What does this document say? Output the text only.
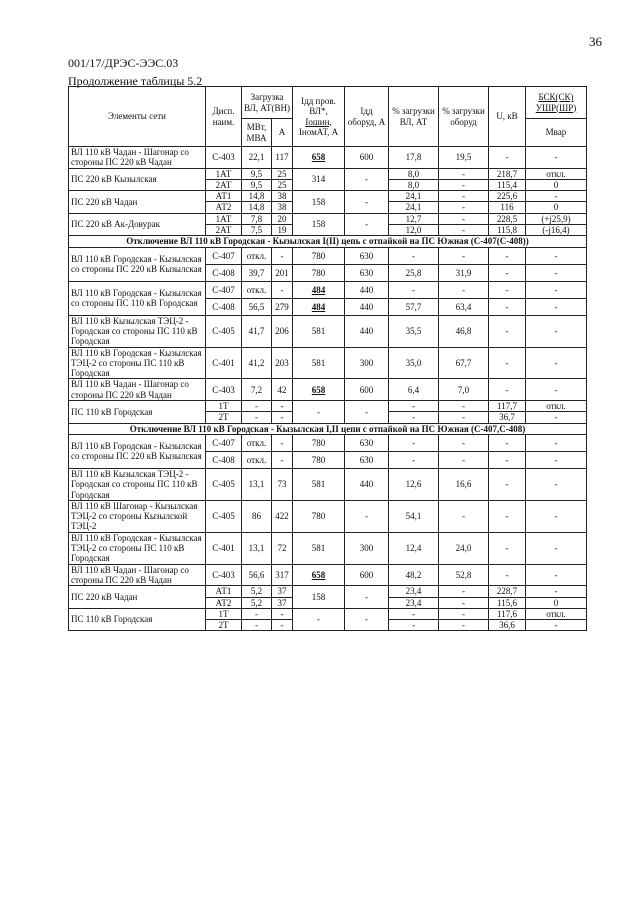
36
001/17/ДРЭС-ЭЭС.03
Продолжение таблицы 5.2
Элементы сети	Дисп. наим.	Загрузка ВЛ, АТ(ВН)		Iдд пров. ВЛ*,
Iошин,
IномАТ, А	Iдд оборуд, А	% загрузки ВЛ, АТ	% загрузки оборуд	U, кВ	БСК(СК) УШР(ШР)
		МВт, МВА	А						Мвар
ВЛ 110 кВ Чадан - Шагонар со стороны ПС 220 кВ Чадан	С-403	22,1	117	658	600	17,8	19,5	-	-
ПС 220 кВ Кызылская	1АТ	9,5	25	314	-	8,0	-	218,7	откл.
	2АТ	9,5	25			8,0	-	115,4	0
ПС 220 кВ Чадан	АТ1	14,8	38	158	-	24,1	-	225,6	-
	АТ2	14,8	38			24,1	-	116	0
ПС 220 кВ Ак-Довурак	1АТ	7,8	20	158	-	12,7	-	228,5	(+j25,9)
	2АТ	7,5	19			12,0	-	115,8	(-j16,4)
Отключение ВЛ 110 кВ Городская - Кызылская I(II) цепь с отпайкой на ПС Южная (С-407(С-408))									
ВЛ 110 кВ Городская - Кызылская со стороны ПС 220 кВ Кызылская	С-407	откл.	-	780	630	-	-	-	-
	С-408	39,7	201	780	630	25,8	31,9	-	-
ВЛ 110 кВ Городская - Кызылская со стороны ПС 110 кВ Городская	С-407	откл.	-	484	440	-	-	-	-
	С-408	56,5	279	484	440	57,7	63,4	-	-
ВЛ 110 кВ Кызылская ТЭЦ-2 - Городская со стороны ПС 110 кВ Городская	С-405	41,7	206	581	440	35,5	46,8	-	-
ВЛ 110 кВ Городская - Кызылская ТЭЦ-2 со стороны ПС 110 кВ Городская	С-401	41,2	203	581	300	35,0	67,7	-	-
ВЛ 110 кВ Чадан - Шагонар со стороны ПС 220 кВ Чадан	С-403	7,2	42	658	600	6,4	7,0	-	-
ПС 110 кВ Городская	1Т	-	-	-	-	-	-	117,7	откл.
	2Т	-	-			-	-	36,7	-
Отключение ВЛ 110 кВ Городская - Кызылская I,II цепи с отпайкой на ПС Южная (С-407,С-408)									
ВЛ 110 кВ Городская - Кызылская со стороны ПС 220 кВ Кызылская	С-407	откл.	-	780	630	-	-	-	-
	С-408	откл.	-	780	630	-	-	-	-
ВЛ 110 кВ Кызылская ТЭЦ-2 - Городская со стороны ПС 110 кВ Городская	С-405	13,1	73	581	440	12,6	16,6	-	-
ВЛ 110 кВ Шагонар - Кызылская ТЭЦ-2 со стороны Кызылской ТЭЦ-2	С-405	86	422	780	-	54,1	-	-	-
ВЛ 110 кВ Городская - Кызылская ТЭЦ-2 со стороны ПС 110 кВ Городская	С-401	13,1	72	581	300	12,4	24,0	-	-
ВЛ 110 кВ Чадан - Шагонар со стороны ПС 220 кВ Чадан	С-403	56,6	317	658	600	48,2	52,8	-	-
ПС 220 кВ Чадан	АТ1	5,2	37	158	-	23,4	-	228,7	-
	АТ2	5,2	37			23,4	-	115,6	0
ПС 110 кВ Городская	1Т	-	-	-	-	-	-	117,6	откл.
	2Т	-	-			-	-	36,6	-
